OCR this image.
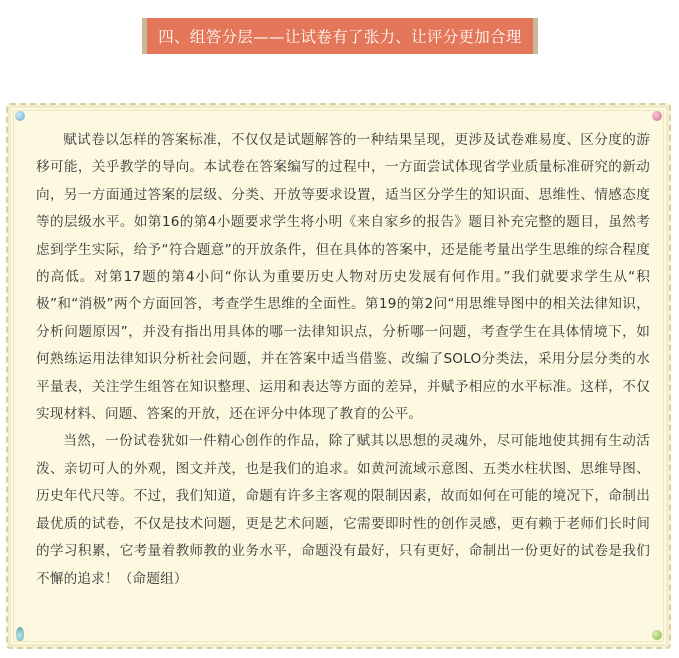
四、组答分层——让试卷有了张力、让评分更加合理

赋试卷以怎样的答案标准，不仅仅是试题解答的一种结果呈现，更涉及试卷难易度、区分度的游移可能，关乎教学的导向。本试卷在答案编写的过程中，一方面尝试体现省学业质量标准研究的新动向，另一方面通过答案的层级、分类、开放等要求设置，适当区分学生的知识面、思维性、情感态度等的层级水平。如第16的第4小题要求学生将小明《来自家乡的报告》题目补充完整的题目，虽然考虑到学生实际，给予“符合题意”的开放条件，但在具体的答案中，还是能考量出学生思维的综合程度的高低。对第17题的第4小问“你认为重要历史人物对历史发展有何作用。”我们就要求学生从“积极”和“消极”两个方面回答，考查学生思维的全面性。第19的第2问“用思维导图中的相关法律知识，分析问题原因”，并没有指出用具体的哪一法律知识点，分析哪一问题，考查学生在具体情境下，如何熟练运用法律知识分析社会问题，并在答案中适当借鉴、改编了SOLO分类法，采用分层分类的水平量表，关注学生组答在知识整理、运用和表达等方面的差异，并赋予相应的水平标准。这样，不仅实现材料、问题、答案的开放，还在评分中体现了教育的公平。

当然，一份试卷犹如一件精心创作的作品，除了赋其以思想的灵魂外，尽可能地使其拥有生动活泼、亲切可人的外观，图文并茂，也是我们的追求。如黄河流域示意图、五类水柱状图、思维导图、历史年代尺等。不过，我们知道，命题有许多主客观的限制因素，故而如何在可能的境况下，命制出最优质的试卷，不仅是技术问题，更是艺术问题，它需要即时性的创作灵感，更有赖于老师们长时间的学习积累，它考量着教师教的业务水平，命题没有最好，只有更好，命制出一份更好的试卷是我们不懈的追求！（命题组）
